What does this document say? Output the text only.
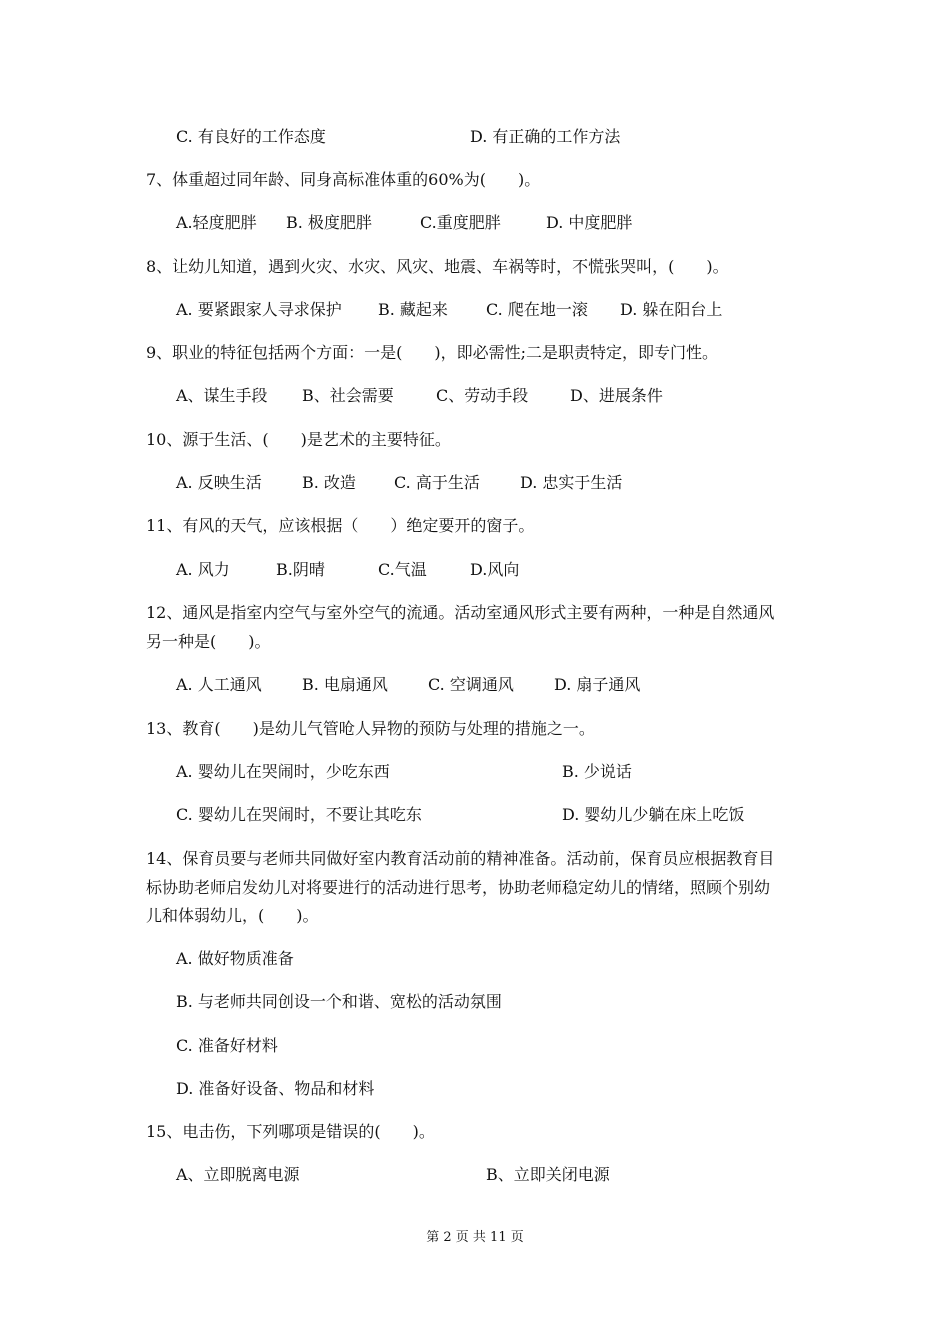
C. 有良好的工作态度	D. 有正确的工作方法
7、体重超过同年龄、同身高标准体重的60%为(　　)。
A.轻度肥胖 B. 极度肥胖	C.重度肥胖	D. 中度肥胖
8、让幼儿知道，遇到火灾、水灾、风灾、地震、车祸等时，不慌张哭叫，(　　)。
A. 要紧跟家人寻求保护 B. 藏起来 C. 爬在地一滚 D. 躲在阳台上
9、职业的特征包括两个方面：一是(　　)，即必需性;二是职责特定，即专门性。
A、谋生手段 B、社会需要	C、劳动手段	D、进展条件
10、源于生活、(　　)是艺术的主要特征。
A. 反映生活	B. 改造 C. 高于生活	D. 忠实于生活
11、有风的天气，应该根据（　　）绝定要开的窗子。
A. 风力	B.阴晴	C.气温	D.风向
12、通风是指室内空气与室外空气的流通。活动室通风形式主要有两种，一种是自然通风
另一种是(　　)。
A. 人工通风	B. 电扇通风	C. 空调通风	D. 扇子通风
13、教育(　　)是幼儿气管呛人异物的预防与处理的措施之一。
A. 婴幼儿在哭闹时，少吃东西	B. 少说话
C. 婴幼儿在哭闹时，不要让其吃东	D. 婴幼儿少躺在床上吃饭
14、保育员要与老师共同做好室内教育活动前的精神准备。活动前，保育员应根据教育目
标协助老师启发幼儿对将要进行的活动进行思考，协助老师稳定幼儿的情绪，照顾个别幼
儿和体弱幼儿，(　　)。
A. 做好物质准备
B. 与老师共同创设一个和谐、宽松的活动氛围
C. 准备好材料
D. 准备好设备、物品和材料
15、电击伤，下列哪项是错误的(　　)。
A、立即脱离电源	B、立即关闭电源
第 2 页 共 11 页
